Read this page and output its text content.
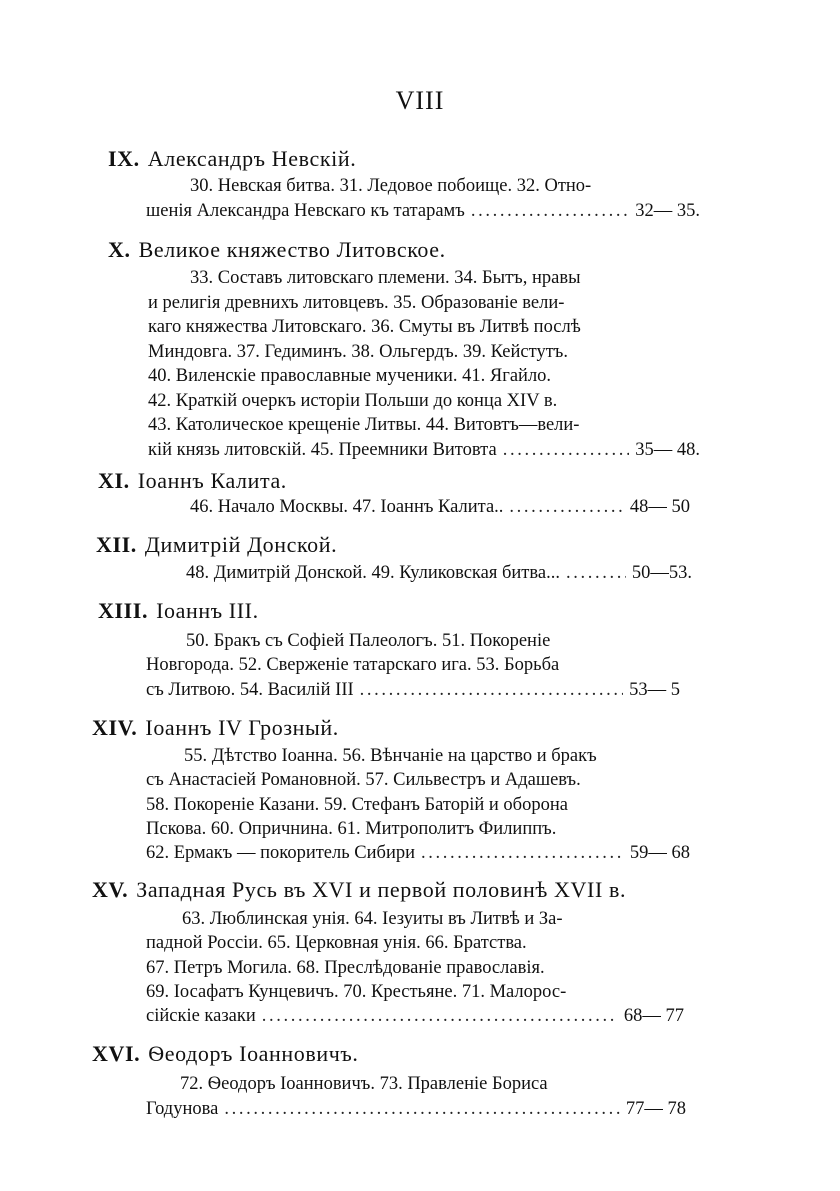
VIII
IX. Александръ Невскій.
30. Невская битва. 31. Ледовое побоище. 32. Отно-
шенія Александра Невскаго къ татарамъ . . .	32— 35.
X. Великое княжество Литовское.
33. Составъ литовскаго племени. 34. Бытъ, нравы
и религія древнихъ литовцевъ. 35. Образованіе вели-
каго княжества Литовскаго. 36. Смуты въ Литвѣ послѣ
Миндовга. 37. Гедиминъ. 38. Ольгердъ. 39. Кейстутъ.
40. Виленскіе православные мученики. 41. Ягайло.
42. Краткій очеркъ исторіи Польши до конца XIV в.
43. Католическое крещеніе Литвы. 44. Витовтъ—вели-
кій князь литовскій. 45. Преемники Витовта . . .	35— 48.
XI. Іоаннъ Калита.
46. Начало Москвы. 47. Іоаннъ Калита.. . . .	48— 50
XII. Димитрій Донской.
48. Димитрій Донской. 49. Куликовская битва... . . .	50—53.
XIII. Іоаннъ III.
50. Бракъ съ Софіей Палеологъ. 51. Покореніе
Новгорода. 52. Сверженіе татарскаго ига. 53. Борьба
съ Литвою. 54. Василій III . . .	53— 5
XIV. Іоаннъ IV Грозный.
55. Дѣтство Іоанна. 56. Вѣнчаніе на царство и бракъ
съ Анастасіей Романовной. 57. Сильвестръ и Адашевъ.
58. Покореніе Казани. 59. Стефанъ Баторій и оборона
Пскова. 60. Опричнина. 61. Митрополитъ Филиппъ.
62. Ермакъ — покоритель Сибири . . .	59— 68
XV. Западная Русь въ XVI и первой половинѣ XVII в.
63. Люблинская унія. 64. Іезуиты въ Литвѣ и За-
падной Россіи. 65. Церковная унія. 66. Братства.
67. Петръ Могила. 68. Преслѣдованіе православія.
69. Іосафатъ Кунцевичъ. 70. Крестьяне. 71. Малорос-
сійскіе казаки . . .	68— 77
XVI. Ѳеодоръ Іоанновичъ.
72. Ѳеодоръ Іоанновичъ. 73. Правленіе Бориса
Годунова . . .	77— 78
